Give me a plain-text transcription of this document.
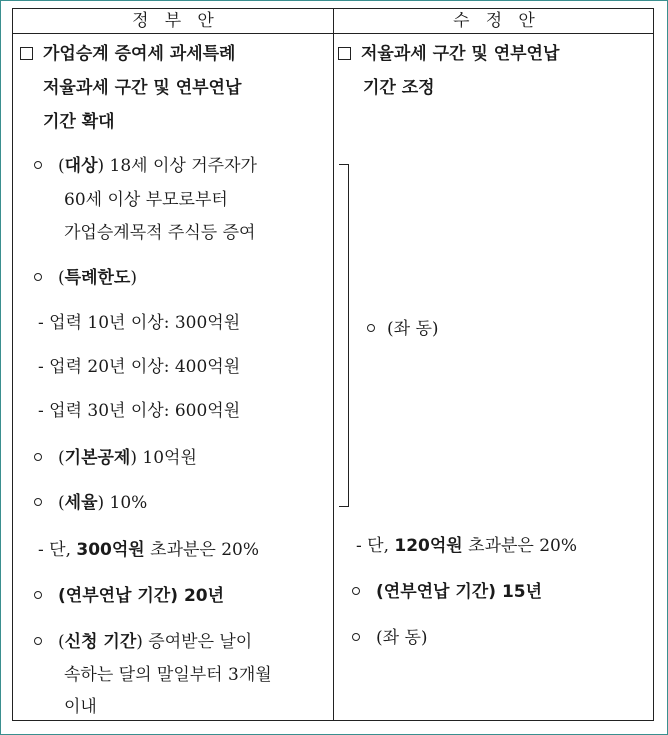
정   부   안	수   정   안
가업승계 증여세 과세특례
저율과세 구간 및 연부연납
기간 확대
(대상) 18세 이상 거주자가
60세 이상 부모로부터
가업승계목적 주식등 증여
(특례한도)
- 업력 10년 이상: 300억원
- 업력 20년 이상: 400억원
- 업력 30년 이상: 600억원
(기본공제) 10억원
(세율) 10%
- 단, 300억원 초과분은 20%
(연부연납 기간) 20년
(신청 기간) 증여받은 날이
속하는 달의 말일부터 3개월
이내
저율과세 구간 및 연부연납
기간 조정
(좌 동)
- 단, 120억원 초과분은 20%
(연부연납 기간) 15년
(좌 동)
